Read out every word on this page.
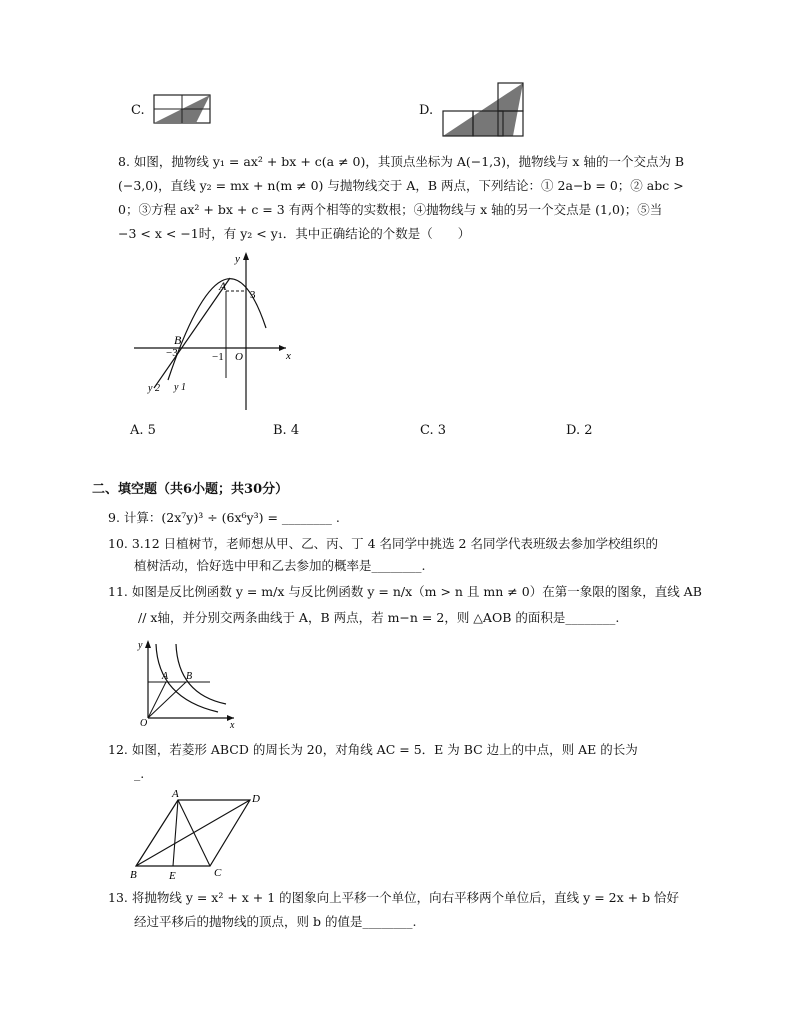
C.	D.
8. 如图，抛物线 y₁ = ax² + bx + c(a ≠ 0)，其顶点坐标为 A(−1,3)，抛物线与 x 轴的一个交点为 B
(−3,0)，直线 y₂ = mx + n(m ≠ 0) 与抛物线交于 A，B 两点，下列结论：① 2a−b = 0；② abc >
0；③方程 ax² + bx + c = 3 有两个相等的实数根；④抛物线与 x 轴的另一个交点是 (1,0)；⑤当
−3 < x < −1时，有 y₂ < y₁．其中正确结论的个数是（　　）
A
B
3
−1
−3	O
y
x
y 2 y 1
A. 5	B. 4	C. 3	D. 2
二、填空题（共6小题；共30分）
9. 计算：(2x⁷y)³ ÷ (6x⁶y³) = ________ .
10. 3.12 日植树节，老师想从甲、乙、丙、丁 4 名同学中挑选 2 名同学代表班级去参加学校组织的
植树活动，恰好选中甲和乙去参加的概率是________.
11. 如图是反比例函数 y = m/x 与反比例函数 y = n/x（m > n 且 mn ≠ 0）在第一象限的图象，直线 AB
// x轴，并分别交两条曲线于 A，B 两点，若 m−n = 2，则 △AOB 的面积是________.
A B
O
y
x
12. 如图，若菱形 ABCD 的周长为 20，对角线 AC = 5．E 为 BC 边上的中点，则 AE 的长为
_.
A	D
B	E	C
13. 将抛物线 y = x² + x + 1 的图象向上平移一个单位，向右平移两个单位后，直线 y = 2x + b 恰好
经过平移后的抛物线的顶点，则 b 的值是________.
